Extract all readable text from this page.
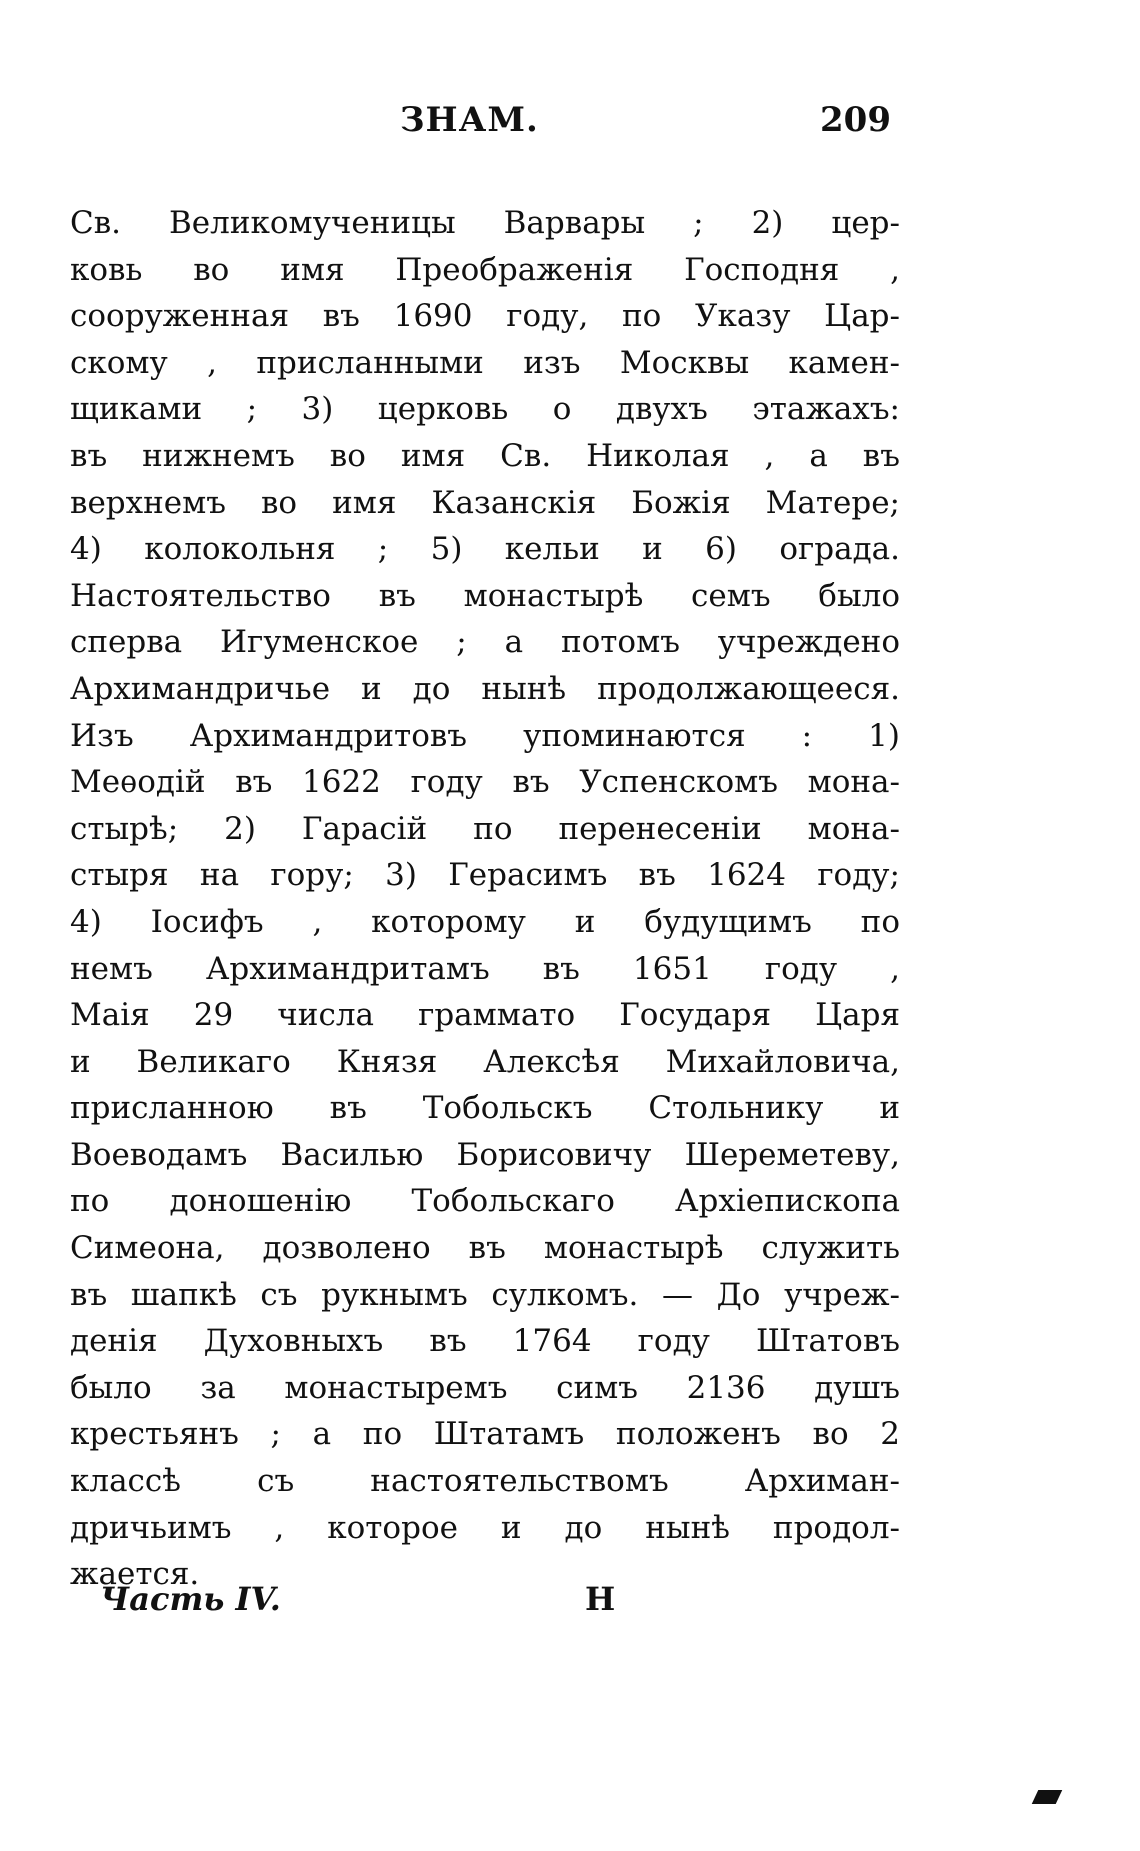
ЗНАМ.	209
Св. Великомученицы Варвары ; 2) цер-
ковь во имя Преображенія Господня ,
сооруженная въ 1690 году, по Указу Цар-
скому , присланными изъ Москвы камен-
щиками ; 3) церковь о двухъ этажахъ:
въ нижнемъ во имя Св. Николая , а въ
верхнемъ во имя Казанскія Божія Матере;
4) колокольня ; 5) кельи и 6) ограда.
Настоятельство въ монастырѣ семъ было
сперва Игуменское ; а потомъ учреждено
Архимандричье и до нынѣ продолжающееся.
Изъ Архимандритовъ упоминаются : 1)
Меѳодій въ 1622 году въ Успенскомъ мона-
стырѣ; 2) Гарасій по перенесеніи мона-
стыря на гору; 3) Герасимъ въ 1624 году;
4) Іосифъ , которому и будущимъ по
немъ Архимандритамъ въ 1651 году ,
Маія 29 числа граммато Государя Царя
и Великаго Князя Алексѣя Михайловича,
присланною въ Тобольскъ Стольнику и
Воеводамъ Василью Борисовичу Шереметеву,
по доношенію Тобольскаго Архіепископа
Симеона, дозволено въ монастырѣ служить
въ шапкѣ съ рукнымъ сулкомъ. — До учреж-
денія Духовныхъ въ 1764 году Штатовъ
было за монастыремъ симъ 2136 душъ
крестьянъ ; а по Штатамъ положенъ во 2
классѣ съ настоятельствомъ Архиман-
дричьимъ , которое и до нынѣ продол-
жается.
Часть IV.	Н
